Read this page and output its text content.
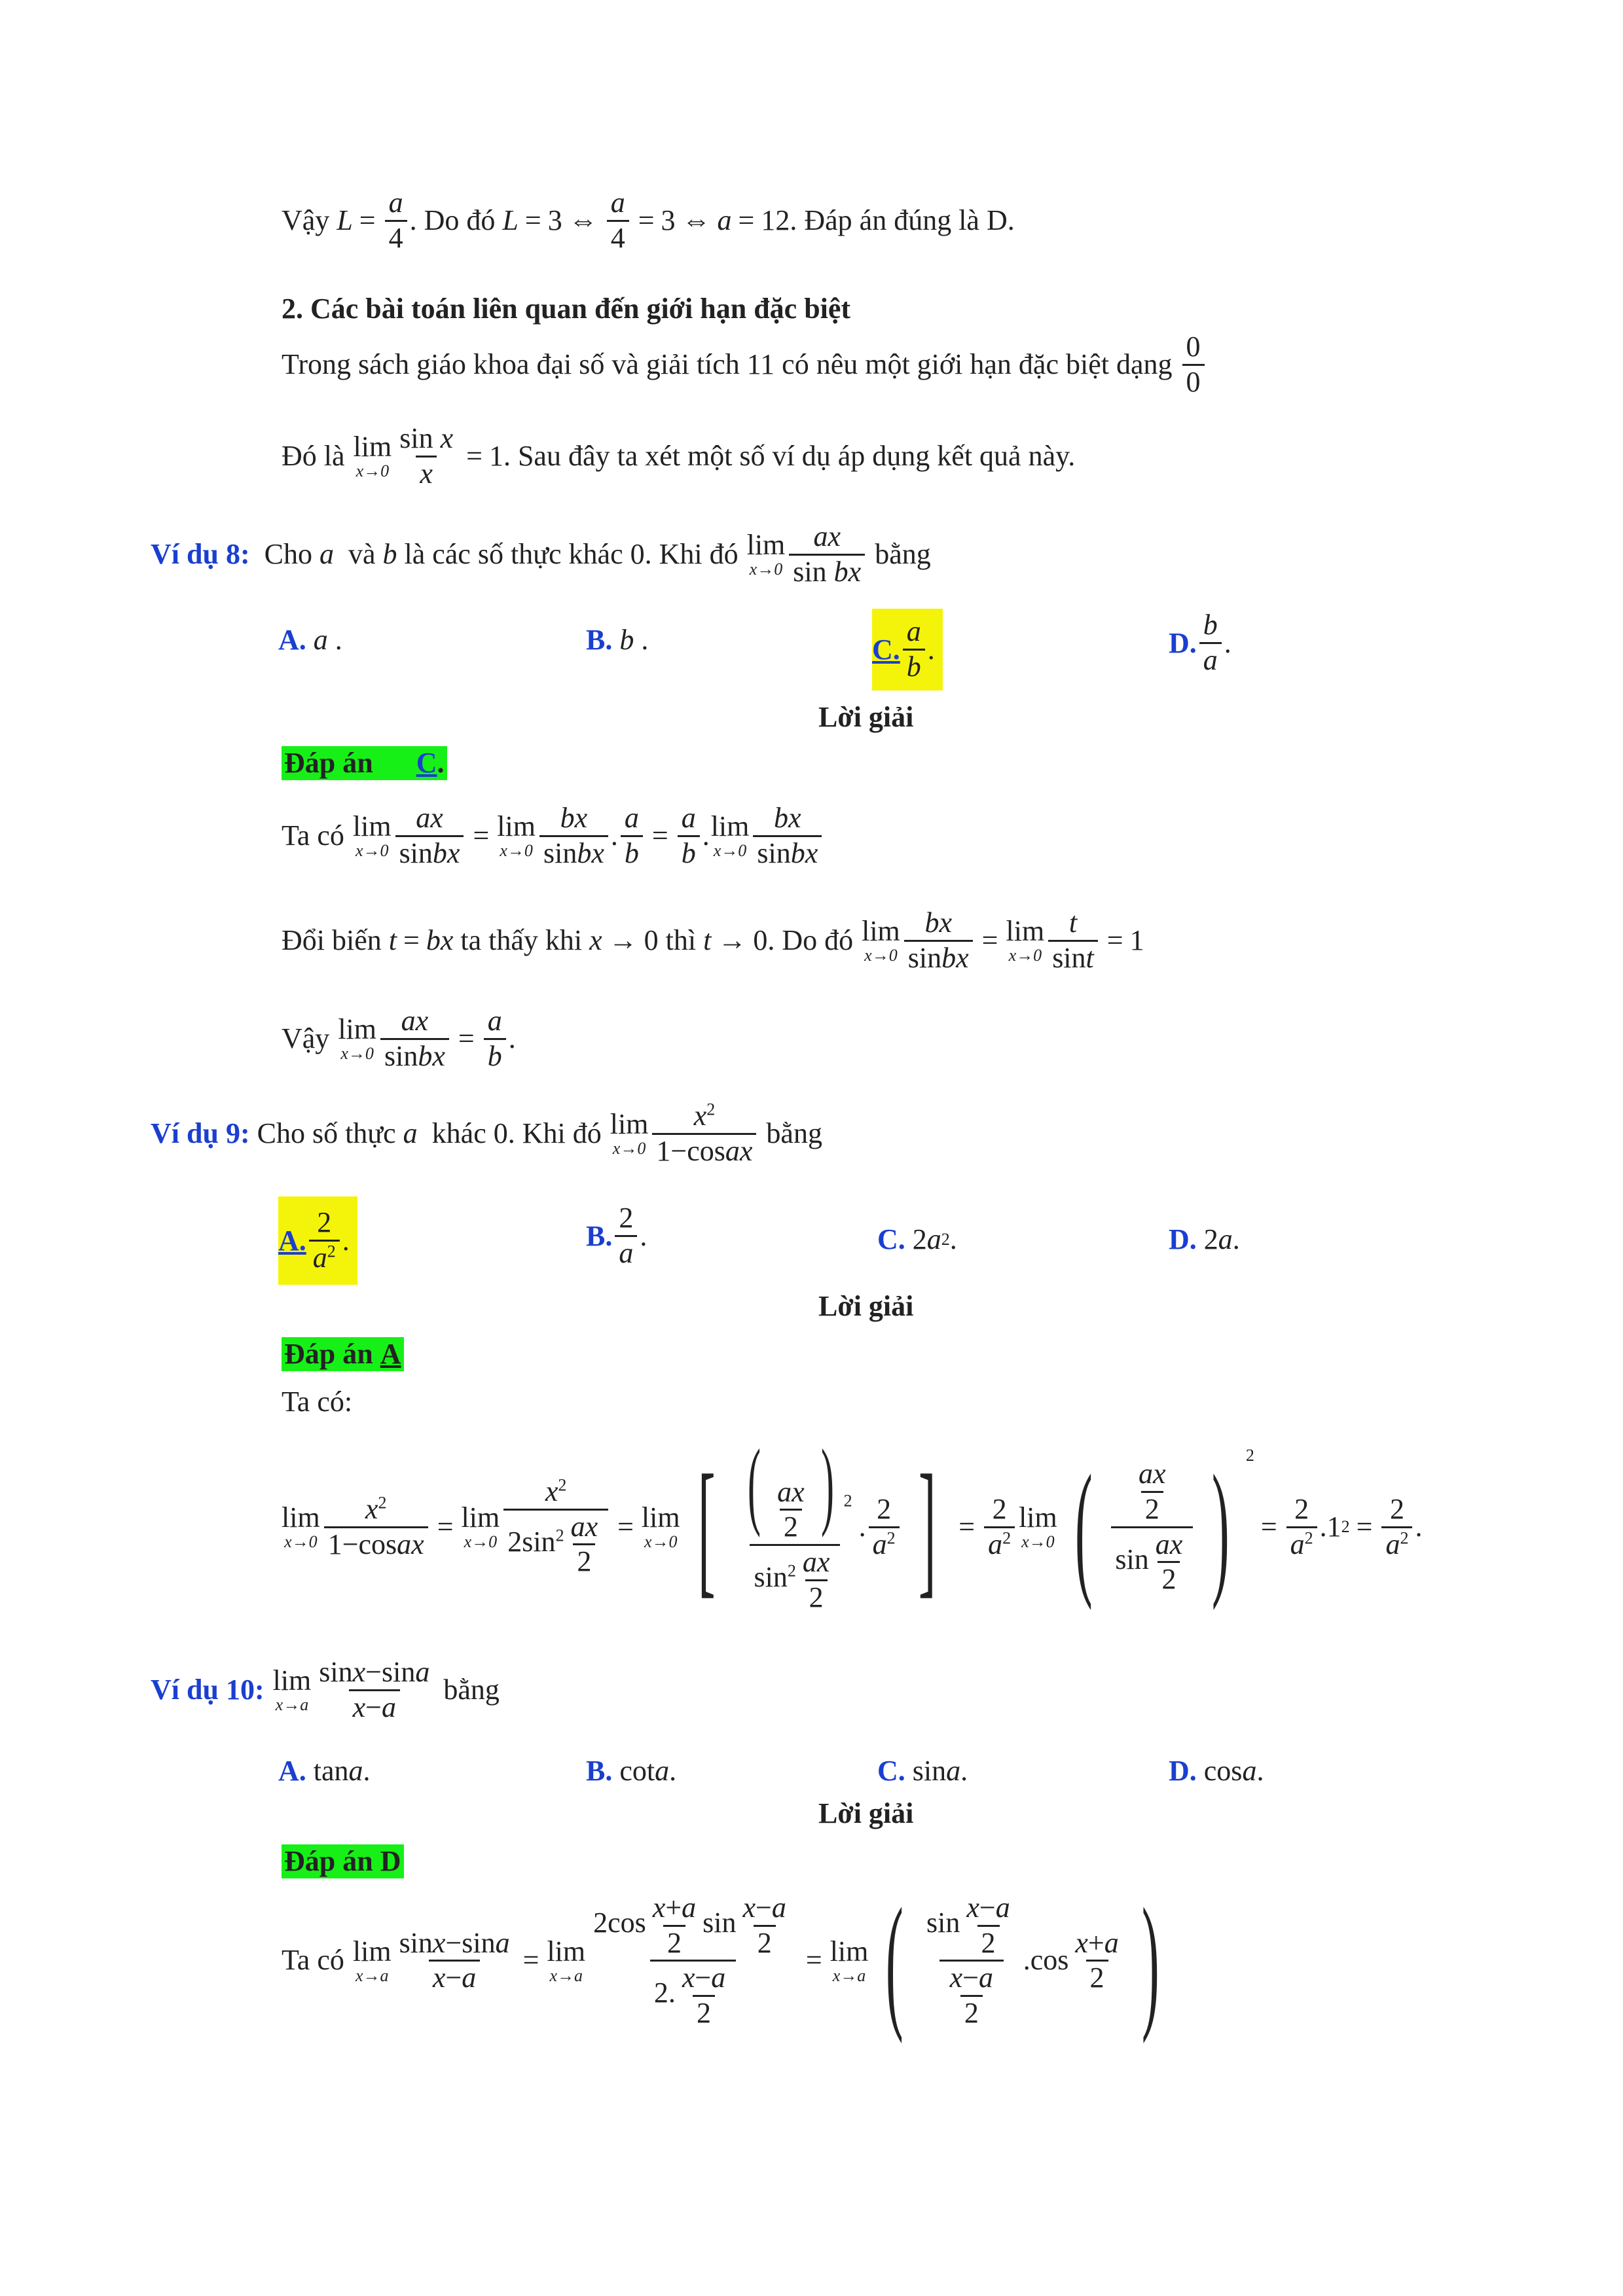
Vậy
$L = \frac{a}{4}$ . Do đó
L = 3 ⇔ $\frac{a}{4} = 3$ ⇔ a = 12 . Đáp án đúng là D.
2. Các bài toán liên quan đến giới hạn đặc biệt
Trong sách giáo khoa đại số và giải tích 11 có nêu một giới hạn đặc biệt dạng

0
0
Đó là
lim
$x\to 0 \frac{\text{sin x}}{x} = 1$ . Sau đây ta xét một số ví dụ áp dụng kết quả này.
Ví dụ 8:
Cho
a
và
b
là các số thực khác 0. Khi đó
lim
x→0
ax
sin bx

bằng
A.
a .	B.
b .	C.
a
b
.	D.
b
a
.
Lời giải
Đáp án C.
Ta có
lim
$x\to 0 \frac{ax}{\text{sinbx}} = \lim$
x→0
bx
sinbx
. $\frac{a}{b} = \frac{a}{b}$ . lim
x→0
bx
sinbx
Đổi biến
t = bx
ta thấy khi
x → 0 thì
t → 0 . Do đó
lim
$x\to 0 \frac{bx}{\text{sinbx}} = \lim$
$x\to 0 \frac{t}{\sin t} = 1$
Vậy
lim
$x\to 0 \frac{ax}{\text{sinbx}} = \frac{a}{b}$ .
Ví dụ 9:
Cho số thực
a
khác 0. Khi đó
lim
x→0
$x^2$
1−cosax

bằng
A.
2
$a^2$ .	B.
2
a
.	C. 2 a 2 .	D. 2 a .
Lời giải
Đáp án A
Ta có:
lim
$x\to 0 \frac{x^2}{\text{1−cosax}} = \lim$
$x\to 0 \frac{x^2}{2\sin^2 \frac{ax}{2}} = \lim$
x→0 [ ( $\frac{ax}{2}$ ) $^2$
$\sin^2 \frac{ax}{2}$
.
2
$a^2$ ] = $\frac{2}{a^2}$ lim
x→0 ( $\frac{ax}{2}$
$\sin \frac{ax}{2}$ ) $^2$
= $\frac{2}{a^2} .1$ $2 = \frac{2}{a^2}$ .
Ví dụ 10:
lim
x→a
sinx−sina
x−a

bằng
A.
tan a .	B.
cot a .	C.
sin a .	D.
cos a .
Lời giải
Đáp án D
Ta có
lim
$x\to a \frac{\sin x-\sin a}{x-a} = \lim$
$x\to a \frac{2\cos \frac{x+a}{2} \sin \frac{x-a}{2}}{2. \frac{x-a}{2}} = \lim$
x→a ( $\sin \frac{x-a}{2}$
$\frac{x-a}{2}$
.cos
x+a
2 )
